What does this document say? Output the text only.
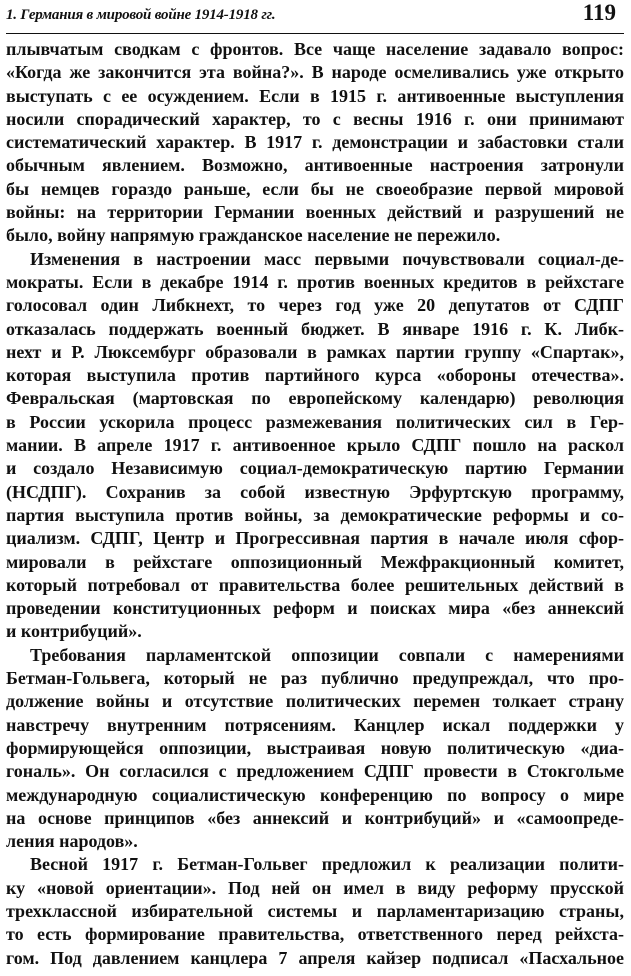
1. Германия в мировой войне 1914-1918 гг.	119
плывчатым сводкам с фронтов. Все чаще население задавало вопрос:
«Когда же закончится эта война?». В народе осмеливались уже открыто
выступать с ее осуждением. Если в 1915 г. антивоенные выступления
носили спорадический характер, то с весны 1916 г. они принимают
систематический характер. В 1917 г. демонстрации и забастовки стали
обычным явлением. Возможно, антивоенные настроения затронули
бы немцев гораздо раньше, если бы не своеобразие первой мировой
войны: на территории Германии военных действий и разрушений не
было, войну напрямую гражданское население не пережило.
Изменения в настроении масс первыми почувствовали социал-де-
мократы. Если в декабре 1914 г. против военных кредитов в рейхстаге
голосовал один Либкнехт, то через год уже 20 депутатов от СДПГ
отказалась поддержать военный бюджет. В январе 1916 г. К. Либк-
нехт и Р. Люксембург образовали в рамках партии группу «Спартак»,
которая выступила против партийного курса «обороны отечества».
Февральская (мартовская по европейскому календарю) революция
в России ускорила процесс размежевания политических сил в Гер-
мании. В апреле 1917 г. антивоенное крыло СДПГ пошло на раскол
и создало Независимую социал-демократическую партию Германии
(НСДПГ). Сохранив за собой известную Эрфуртскую программу,
партия выступила против войны, за демократические реформы и со-
циализм. СДПГ, Центр и Прогрессивная партия в начале июля сфор-
мировали в рейхстаге оппозиционный Межфракционный комитет,
который потребовал от правительства более решительных действий в
проведении конституционных реформ и поисках мира «без аннексий
и контрибуций».
Требования парламентской оппозиции совпали с намерениями
Бетман-Гольвега, который не раз публично предупреждал, что про-
должение войны и отсутствие политических перемен толкает страну
навстречу внутренним потрясениям. Канцлер искал поддержки у
формирующейся оппозиции, выстраивая новую политическую «диа-
гональ». Он согласился с предложением СДПГ провести в Стокгольме
международную социалистическую конференцию по вопросу о мире
на основе принципов «без аннексий и контрибуций» и «самоопреде-
ления народов».
Весной 1917 г. Бетман-Гольвег предложил к реализации полити-
ку «новой ориентации». Под ней он имел в виду реформу прусской
трехклассной избирательной системы и парламентаризацию страны,
то есть формирование правительства, ответственного перед рейхста-
гом. Под давлением канцлера 7 апреля кайзер подписал «Пасхальное
